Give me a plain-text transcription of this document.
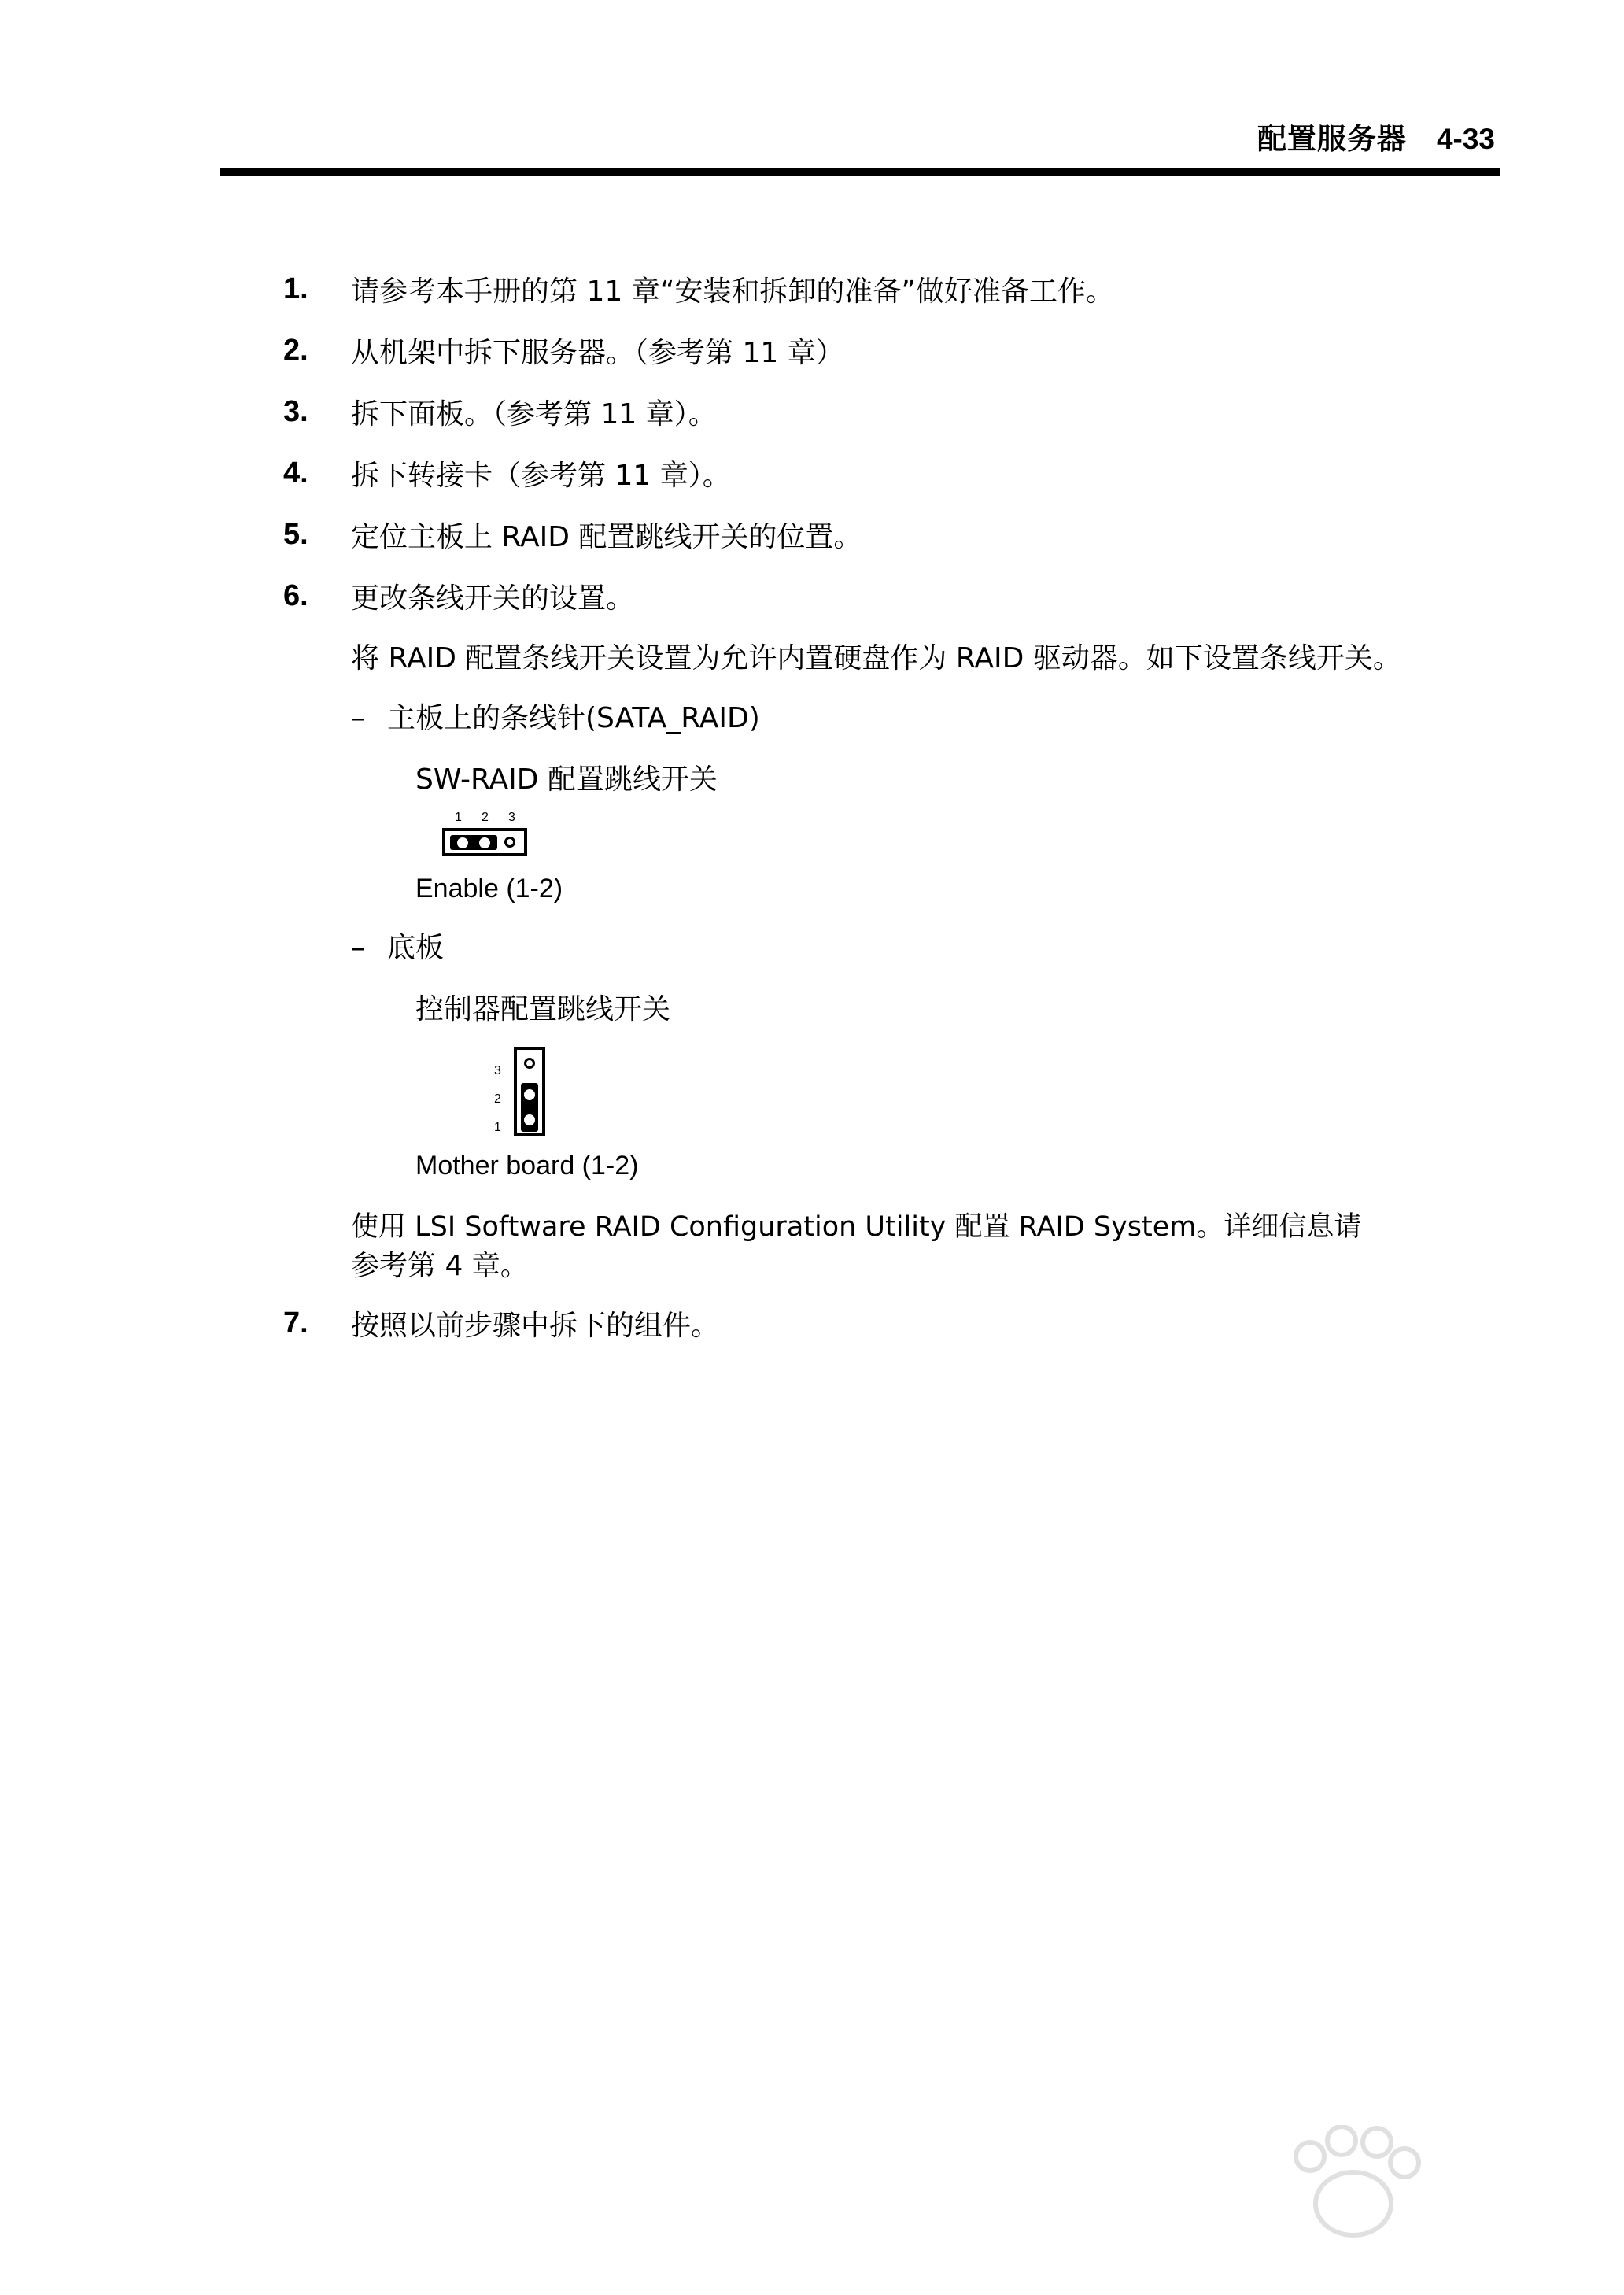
配置服务器 4-33
1. 请参考本手册的第 11 章“安装和拆卸的准备”做好准备工作。
2. 从机架中拆下服务器。（参考第 11 章）
3. 拆下面板。（参考第 11 章）。
4. 拆下转接卡（参考第 11 章）。
5. 定位主板上 RAID 配置跳线开关的位置。
6. 更改条线开关的设置。
将 RAID 配置条线开关设置为允许内置硬盘作为 RAID 驱动器。如下设置条线开关。
– 主板上的条线针(SATA_RAID)
SW-RAID 配置跳线开关
1 2 3
Enable (1-2)
– 底板
控制器配置跳线开关
3
2
1
Mother board (1-2)
使用 LSI Software RAID Configuration Utility 配置 RAID System。详细信息请
参考第 4 章。
7. 按照以前步骤中拆下的组件。
